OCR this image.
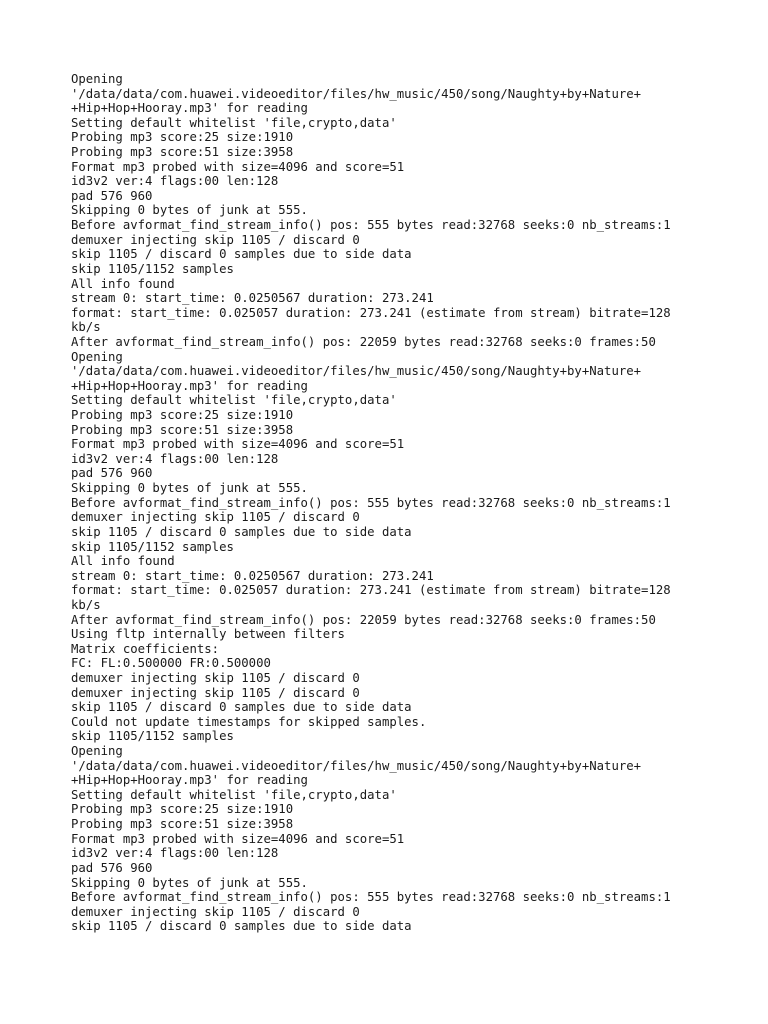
Opening
'/data/data/com.huawei.videoeditor/files/hw_music/450/song/Naughty+by+Nature+
+Hip+Hop+Hooray.mp3' for reading
Setting default whitelist 'file,crypto,data'
Probing mp3 score:25 size:1910
Probing mp3 score:51 size:3958
Format mp3 probed with size=4096 and score=51
id3v2 ver:4 flags:00 len:128
pad 576 960
Skipping 0 bytes of junk at 555.
Before avformat_find_stream_info() pos: 555 bytes read:32768 seeks:0 nb_streams:1
demuxer injecting skip 1105 / discard 0
skip 1105 / discard 0 samples due to side data
skip 1105/1152 samples
All info found
stream 0: start_time: 0.0250567 duration: 273.241
format: start_time: 0.025057 duration: 273.241 (estimate from stream) bitrate=128
kb/s
After avformat_find_stream_info() pos: 22059 bytes read:32768 seeks:0 frames:50
Opening
'/data/data/com.huawei.videoeditor/files/hw_music/450/song/Naughty+by+Nature+
+Hip+Hop+Hooray.mp3' for reading
Setting default whitelist 'file,crypto,data'
Probing mp3 score:25 size:1910
Probing mp3 score:51 size:3958
Format mp3 probed with size=4096 and score=51
id3v2 ver:4 flags:00 len:128
pad 576 960
Skipping 0 bytes of junk at 555.
Before avformat_find_stream_info() pos: 555 bytes read:32768 seeks:0 nb_streams:1
demuxer injecting skip 1105 / discard 0
skip 1105 / discard 0 samples due to side data
skip 1105/1152 samples
All info found
stream 0: start_time: 0.0250567 duration: 273.241
format: start_time: 0.025057 duration: 273.241 (estimate from stream) bitrate=128
kb/s
After avformat_find_stream_info() pos: 22059 bytes read:32768 seeks:0 frames:50
Using fltp internally between filters
Matrix coefficients:
FC: FL:0.500000 FR:0.500000
demuxer injecting skip 1105 / discard 0
demuxer injecting skip 1105 / discard 0
skip 1105 / discard 0 samples due to side data
Could not update timestamps for skipped samples.
skip 1105/1152 samples
Opening
'/data/data/com.huawei.videoeditor/files/hw_music/450/song/Naughty+by+Nature+
+Hip+Hop+Hooray.mp3' for reading
Setting default whitelist 'file,crypto,data'
Probing mp3 score:25 size:1910
Probing mp3 score:51 size:3958
Format mp3 probed with size=4096 and score=51
id3v2 ver:4 flags:00 len:128
pad 576 960
Skipping 0 bytes of junk at 555.
Before avformat_find_stream_info() pos: 555 bytes read:32768 seeks:0 nb_streams:1
demuxer injecting skip 1105 / discard 0
skip 1105 / discard 0 samples due to side data
